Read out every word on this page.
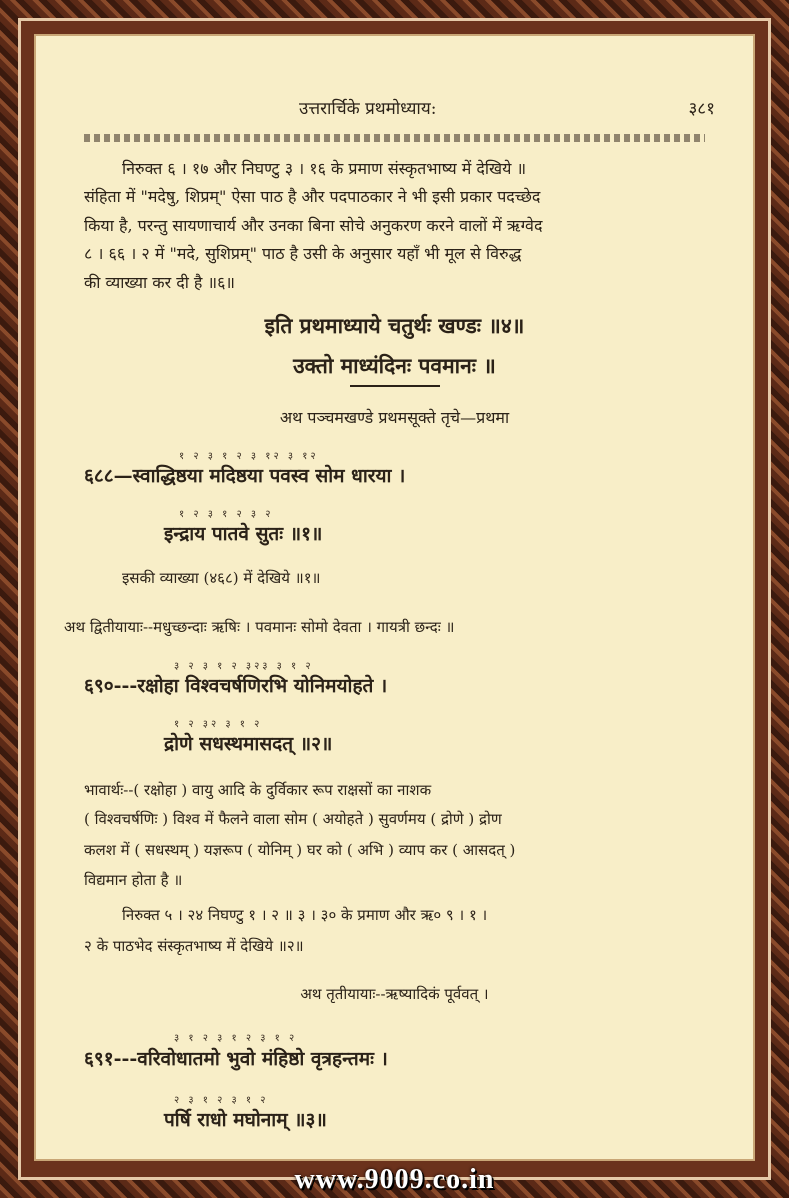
उत्तरार्चिके प्रथमोध्याय:	३८१
निरुक्त ६ । १७ और निघण्टु ३ । १६ के प्रमाण संस्कृतभाष्य में देखिये ॥
संहिता में "मदेषु, शिप्रम्" ऐसा पाठ है और पदपाठकार ने भी इसी प्रकार पदच्छेद
किया है, परन्तु सायणाचार्य और उनका बिना सोचे अनुकरण करने वालों में ऋग्वेद
८ । ६६ । २ में "मदे, सुशिप्रम्" पाठ है उसी के अनुसार यहाँ भी मूल से विरुद्ध
की व्याख्या कर दी है ॥६॥
इति प्रथमाध्याये चतुर्थः खण्डः ॥४॥
उक्तो माध्यंदिनः पवमानः ॥
अथ पञ्चमखण्डे प्रथमसूक्ते तृचे—प्रथमा
१ २ ३ १ २ ३ १२ ३ १२
६८८—स्वाद्धिष्ठया मदिष्ठया पवस्व सोम धारया ।
१ २ ३ १ २ ३ २
इन्द्राय पातवे सुतः ॥१॥
इसकी व्याख्या (४६८) में देखिये ॥१॥
अथ द्वितीयायाः--मधुच्छन्दाः ऋषिः । पवमानः सोमो देवता । गायत्री छन्दः ॥
३ २ ३ १ २ ३२३ ३ १ २
६९०---रक्षोहा विश्वचर्षणिरभि योनिमयोहते ।
१ २ ३२ ३ १ २
द्रोणे सधस्थमासदत् ॥२॥
भावार्थः--( रक्षोहा ) वायु आदि के दुर्विकार रूप राक्षसों का नाशक
( विश्वचर्षणिः ) विश्व में फैलने वाला सोम ( अयोहते ) सुवर्णमय ( द्रोणे ) द्रोण
कलश में ( सधस्थम् ) यज्ञरूप ( योनिम् ) घर को ( अभि ) व्याप कर ( आसदत् )
विद्यमान होता है ॥
निरुक्त ५ । २४ निघण्टु १ । २ ॥ ३ । ३० के प्रमाण और ऋ० ९ । १ ।
२ के पाठभेद संस्कृतभाष्य में देखिये ॥२॥
अथ तृतीयायाः--ऋष्यादिकं पूर्ववत् ।
३ १ २ ३ १ २ ३ १ २
६९१---वरिवोधातमो भुवो मंहिष्ठो वृत्रहन्तमः ।
२ ३ १ २ ३ १ २
पर्षि राधो मघोनाम् ॥३॥
www.9009.co.in
